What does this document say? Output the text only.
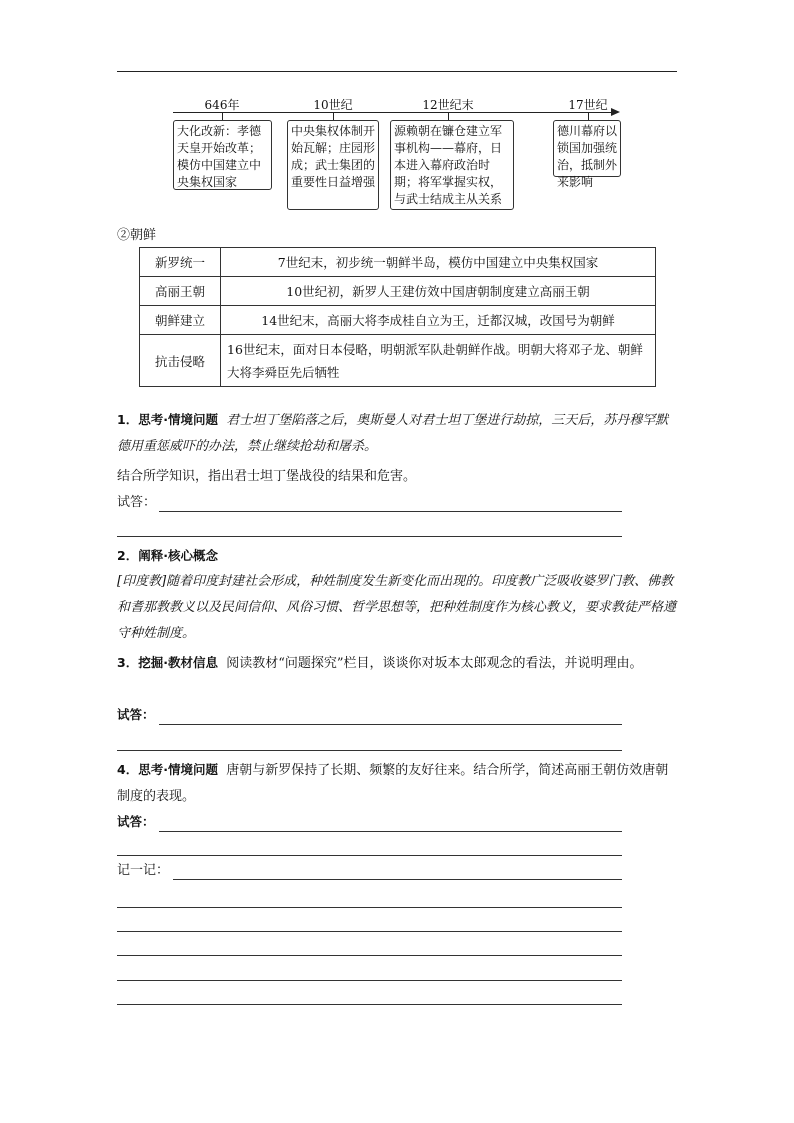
646年	10世纪	12世纪末	17世纪
大化改新：孝德天皇开始改革；模仿中国建立中央集权国家
中央集权体制开始瓦解；庄园形成；武士集团的重要性日益增强
源赖朝在镰仓建立军事机构——幕府，日本进入幕府政治时期；将军掌握实权，与武士结成主从关系
德川幕府以锁国加强统治，抵制外来影响
②朝鲜
新罗统一	7世纪末，初步统一朝鲜半岛，模仿中国建立中央集权国家
高丽王朝	10世纪初，新罗人王建仿效中国唐朝制度建立高丽王朝
朝鲜建立	14世纪末，高丽大将李成桂自立为王，迁都汉城，改国号为朝鲜
抗击侵略	16世纪末，面对日本侵略，明朝派军队赴朝鲜作战。明朝大将邓子龙、朝鲜大将李舜臣先后牺牲
1．思考·情境问题 君士坦丁堡陷落之后，奥斯曼人对君士坦丁堡进行劫掠，三天后，苏丹穆罕默德用重惩威吓的办法，禁止继续抢劫和屠杀。
结合所学知识，指出君士坦丁堡战役的结果和危害。
试答：
2．阐释·核心概念
[印度教]随着印度封建社会形成，种姓制度发生新变化而出现的。印度教广泛吸收婆罗门教、佛教和耆那教教义以及民间信仰、风俗习惯、哲学思想等，把种姓制度作为核心教义，要求教徒严格遵守种姓制度。
3．挖掘·教材信息 阅读教材“问题探究”栏目，谈谈你对坂本太郎观念的看法，并说明理由。
试答：
4．思考·情境问题 唐朝与新罗保持了长期、频繁的友好往来。结合所学，简述高丽王朝仿效唐朝制度的表现。
试答：
记一记：
